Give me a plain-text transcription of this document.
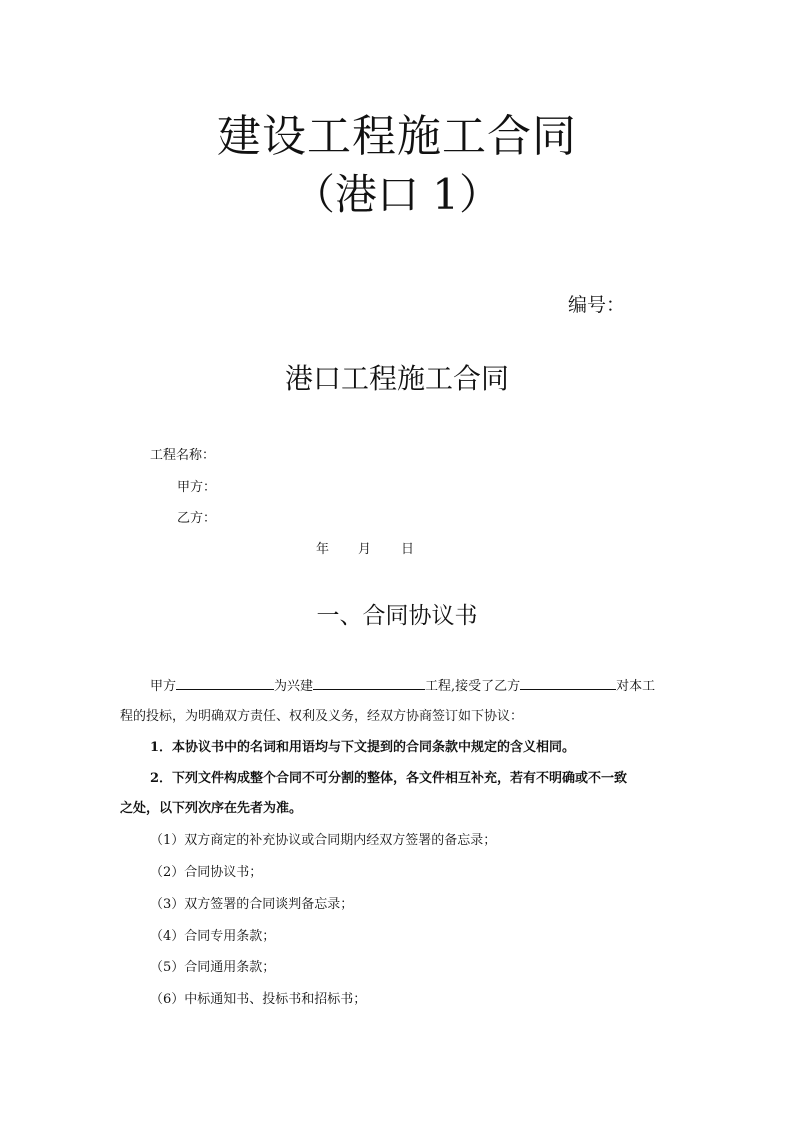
建设工程施工合同
（港口 1）
编号：
港口工程施工合同
工程名称：
甲方：
乙方：
年 月 日
一、合同协议书
甲方	为兴建	工程,接受了乙方	对本工
程的投标，为明确双方责任、权利及义务，经双方协商签订如下协议：
1．本协议书中的名词和用语均与下文提到的合同条款中规定的含义相同。
2．下列文件构成整个合同不可分割的整体，各文件相互补充，若有不明确或不一致
之处，以下列次序在先者为准。
（1）双方商定的补充协议或合同期内经双方签署的备忘录；
（2）合同协议书；
（3）双方签署的合同谈判备忘录；
（4）合同专用条款；
（5）合同通用条款；
（6）中标通知书、投标书和招标书；
